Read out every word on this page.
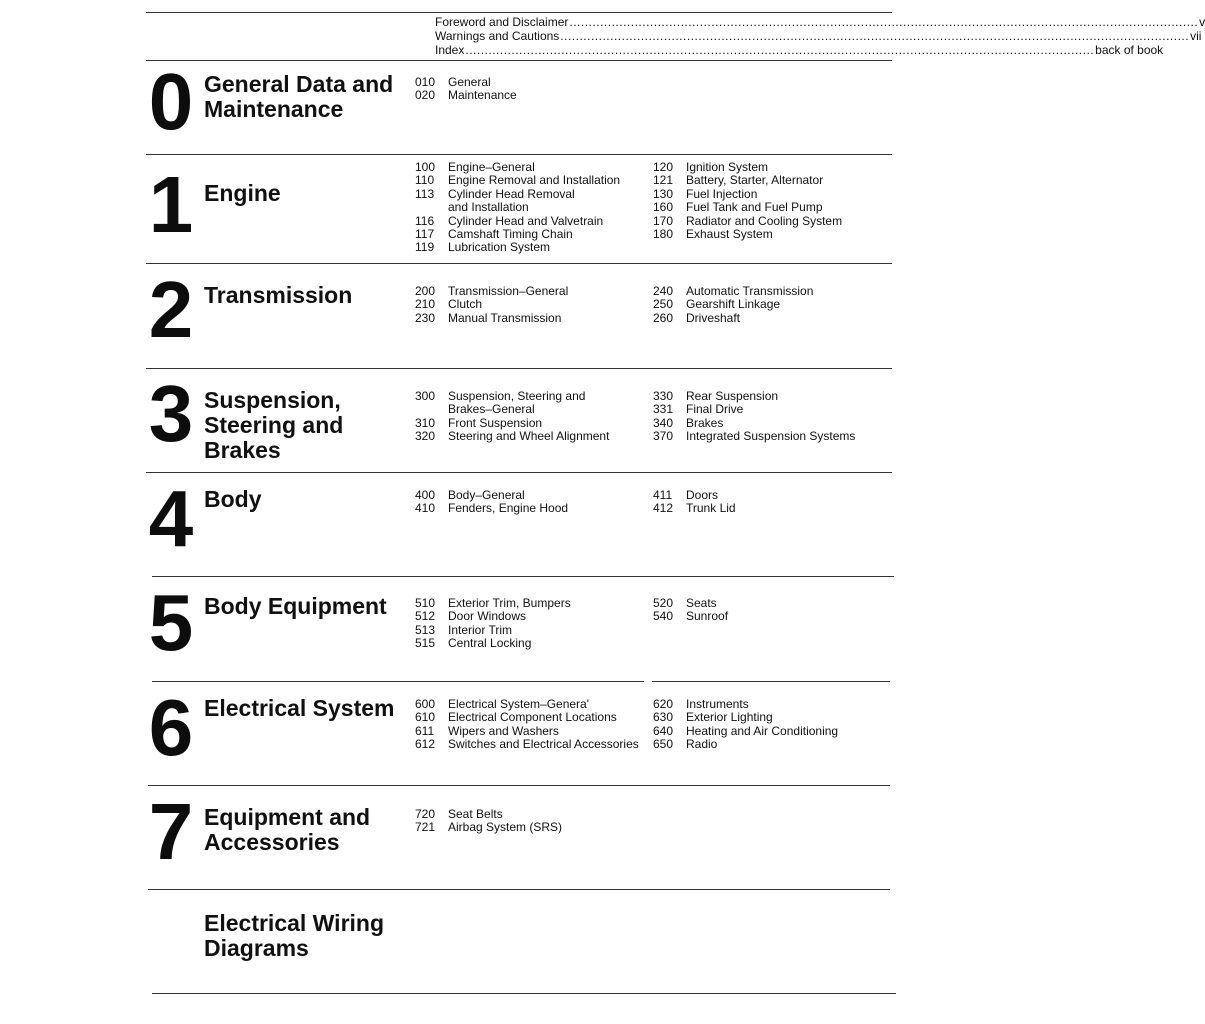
Foreword and Disclaimer .................................................................................................................................................................... v
Warnings and Cautions .................................................................................................................................................................... vii
Index .................................................................................................................................................................... back of book
0 General Data and Maintenance
010	General
020	Maintenance
1 Engine
100	Engine–General
110	Engine Removal and Installation
113	Cylinder Head Removal
and Installation
116	Cylinder Head and Valvetrain
117	Camshaft Timing Chain
119	Lubrication System
120	Ignition System
121	Battery, Starter, Alternator
130	Fuel Injection
160	Fuel Tank and Fuel Pump
170	Radiator and Cooling System
180	Exhaust System
2 Transmission	200	Transmission–General
210	Clutch
230	Manual Transmission
240	Automatic Transmission
250	Gearshift Linkage
260	Driveshaft
3 Suspension, Steering and Brakes
300	Suspension, Steering and
Brakes–General
310	Front Suspension
320	Steering and Wheel Alignment
330	Rear Suspension
331	Final Drive
340	Brakes
370	Integrated Suspension Systems
4 Body	400	Body–General
410	Fenders, Engine Hood
411	Doors
412	Trunk Lid
5 Body Equipment	510	Exterior Trim, Bumpers
512	Door Windows
513	Interior Trim
515	Central Locking
520	Seats
540	Sunroof
6 Electrical System	600	Electrical System–Genera'
610	Electrical Component Locations
611	Wipers and Washers
612	Switches and Electrical Accessories
620	Instruments
630	Exterior Lighting
640	Heating and Air Conditioning
650	Radio
7 Equipment and Accessories
720	Seat Belts
721	Airbag System (SRS)
Electrical Wiring Diagrams
